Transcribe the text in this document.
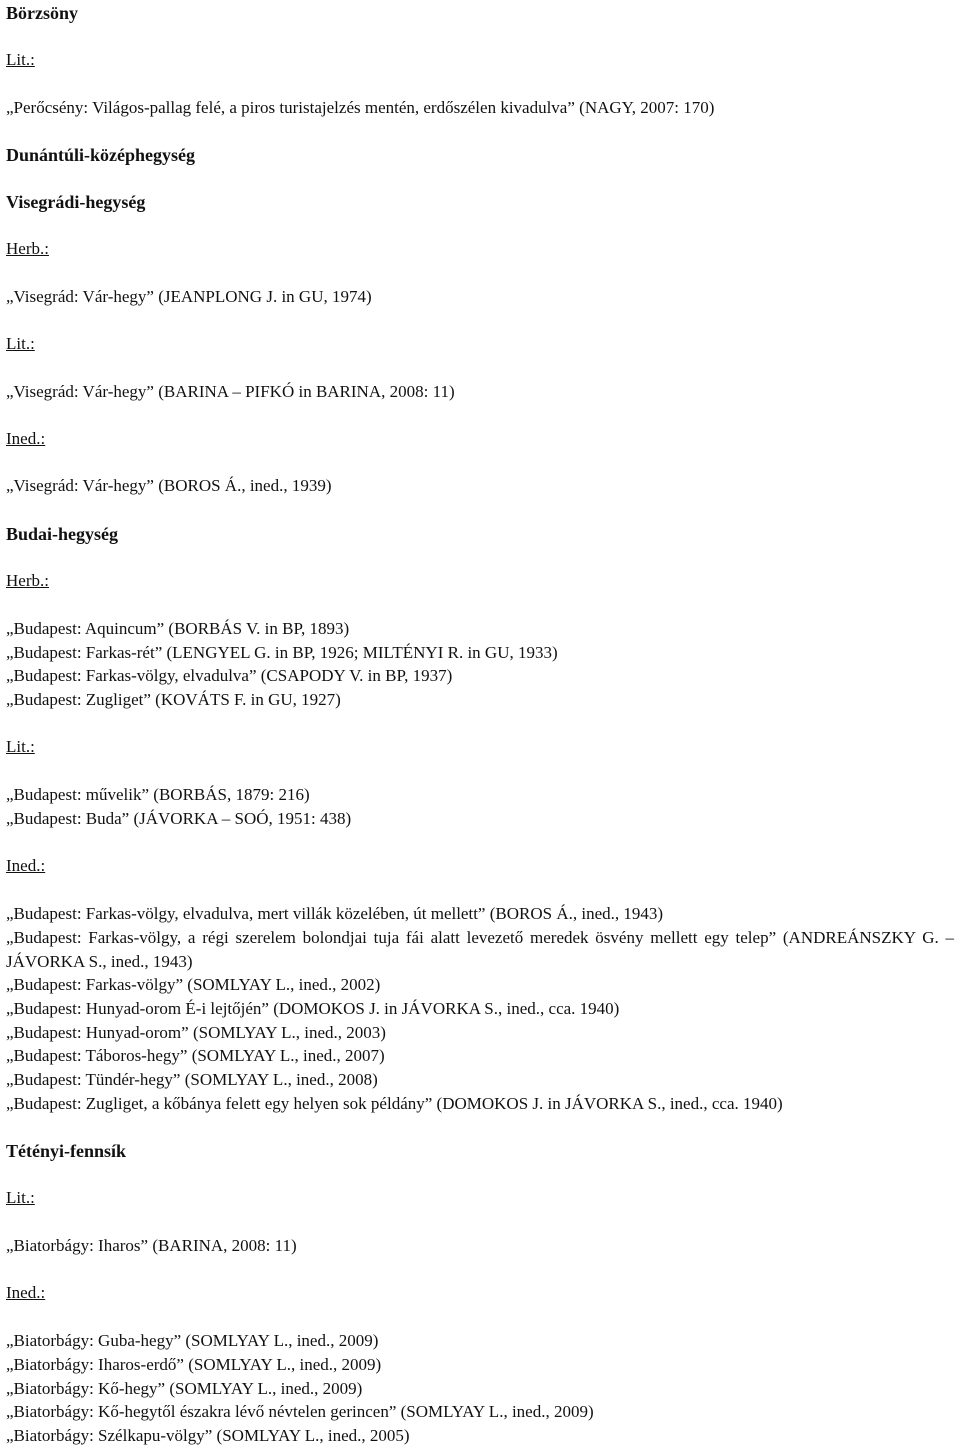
Börzsöny
Lit.:
„Perőcsény: Világos-pallag felé, a piros turistajelzés mentén, erdőszélen kivadulva” (NAGY, 2007: 170)
Dunántúli-középhegység
Visegrádi-hegység
Herb.:
„Visegrád: Vár-hegy” (JEANPLONG J. in GU, 1974)
Lit.:
„Visegrád: Vár-hegy” (BARINA – PIFKÓ in BARINA, 2008: 11)
Ined.:
„Visegrád: Vár-hegy” (BOROS Á., ined., 1939)
Budai-hegység
Herb.:
„Budapest: Aquincum” (BORBÁS V. in BP, 1893)
„Budapest: Farkas-rét” (LENGYEL G. in BP, 1926; MILTÉNYI R. in GU, 1933)
„Budapest: Farkas-völgy, elvadulva” (CSAPODY V. in BP, 1937)
„Budapest: Zugliget” (KOVÁTS F. in GU, 1927)
Lit.:
„Budapest: művelik” (BORBÁS, 1879: 216)
„Budapest: Buda” (JÁVORKA – SOÓ, 1951: 438)
Ined.:
„Budapest: Farkas-völgy, elvadulva, mert villák közelében, út mellett” (BOROS Á., ined., 1943)
„Budapest: Farkas-völgy, a régi szerelem bolondjai tuja fái alatt levezető meredek ösvény mellett egy telep” (ANDREÁNSZKY G. – JÁVORKA S., ined., 1943)
„Budapest: Farkas-völgy” (SOMLYAY L., ined., 2002)
„Budapest: Hunyad-orom É-i lejtőjén” (DOMOKOS J. in JÁVORKA S., ined., cca. 1940)
„Budapest: Hunyad-orom” (SOMLYAY L., ined., 2003)
„Budapest: Táboros-hegy” (SOMLYAY L., ined., 2007)
„Budapest: Tündér-hegy” (SOMLYAY L., ined., 2008)
„Budapest: Zugliget, a kőbánya felett egy helyen sok példány” (DOMOKOS J. in JÁVORKA S., ined., cca. 1940)
Tétényi-fennsík
Lit.:
„Biatorbágy: Iharos” (BARINA, 2008: 11)
Ined.:
„Biatorbágy: Guba-hegy” (SOMLYAY L., ined., 2009)
„Biatorbágy: Iharos-erdő” (SOMLYAY L., ined., 2009)
„Biatorbágy: Kő-hegy” (SOMLYAY L., ined., 2009)
„Biatorbágy: Kő-hegytől északra lévő névtelen gerincen” (SOMLYAY L., ined., 2009)
„Biatorbágy: Szélkapu-völgy” (SOMLYAY L., ined., 2005)
